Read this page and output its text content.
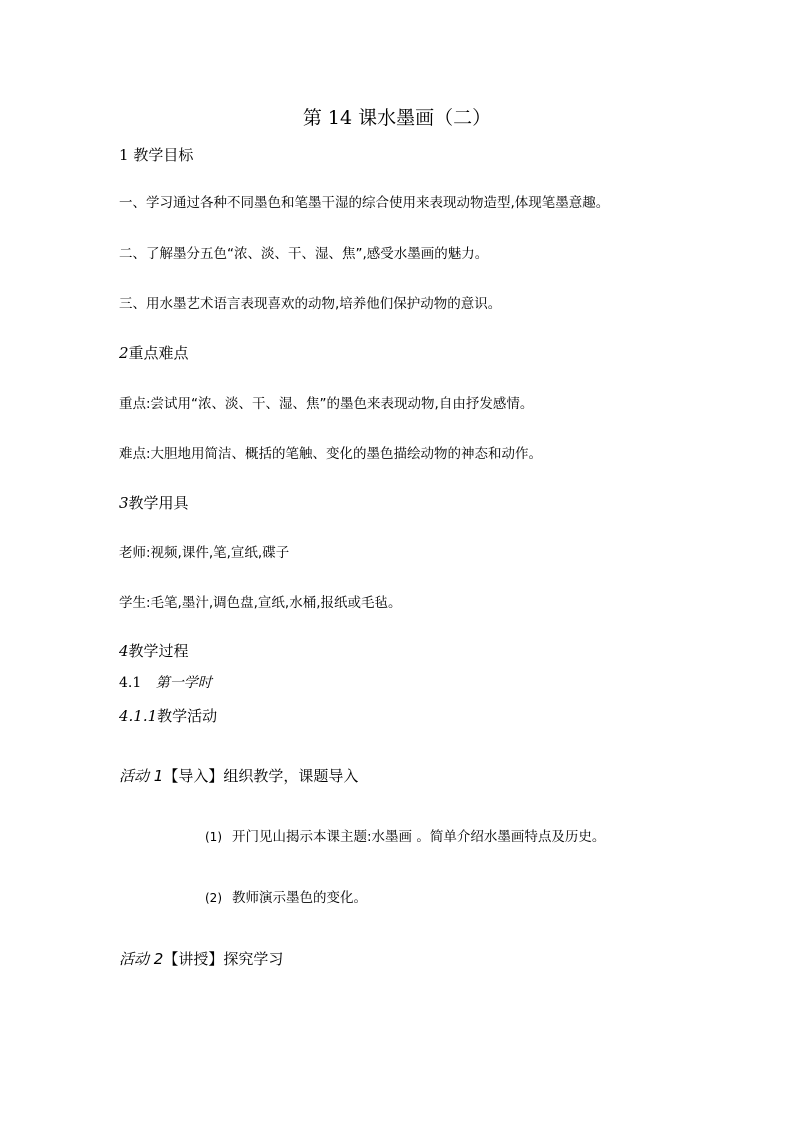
第 14 课水墨画（二）
1 教学目标
一、学习通过各种不同墨色和笔墨干湿的综合使用来表现动物造型,体现笔墨意趣。
二、了解墨分五色“浓、淡、干、湿、焦”,感受水墨画的魅力。
三、用水墨艺术语言表现喜欢的动物,培养他们保护动物的意识。
2重点难点
重点:尝试用“浓、淡、干、湿、焦”的墨色来表现动物,自由抒发感情。
难点:大胆地用简洁、概括的笔触、变化的墨色描绘动物的神态和动作。
3教学用具
老师:视频,课件,笔,宣纸,碟子
学生:毛笔,墨汁,调色盘,宣纸,水桶,报纸或毛毡。
4教学过程
4.1 第一学时
4.1.1教学活动
活动 1【导入】组织教学，课题导入
(1) 开门见山揭示本课主题:水墨画 。简单介绍水墨画特点及历史。
(2) 教师演示墨色的变化。
活动 2【讲授】探究学习
